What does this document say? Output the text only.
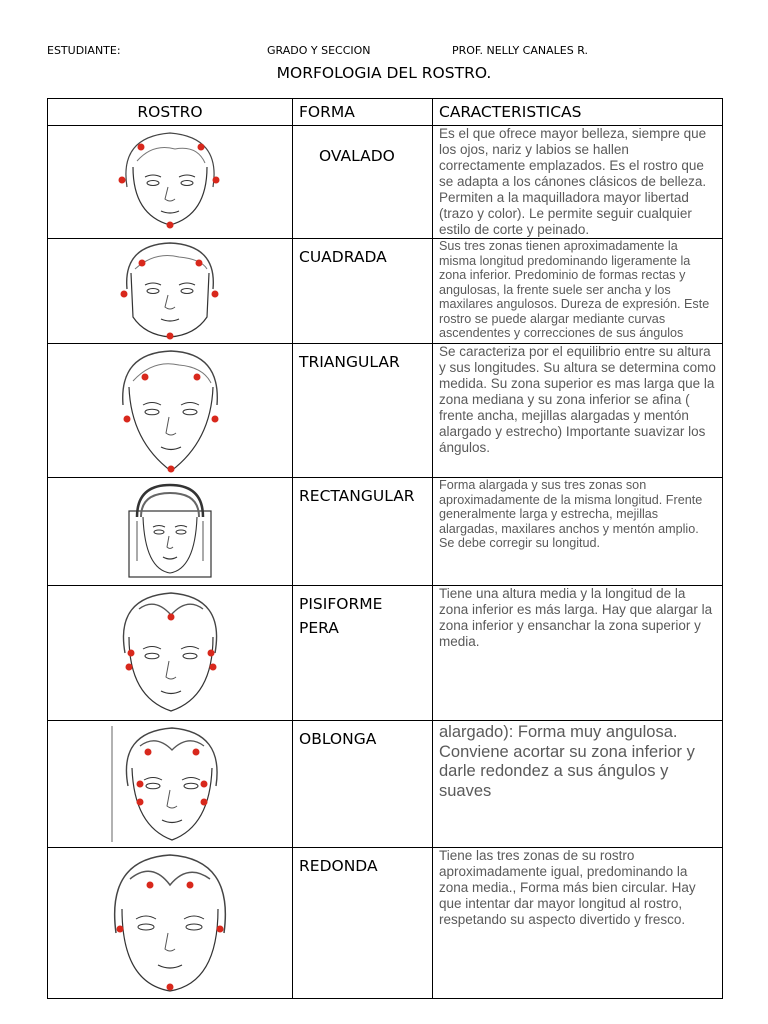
ESTUDIANTE:	GRADO Y SECCION	PROF. NELLY CANALES R.
MORFOLOGIA DEL ROSTRO.
ROSTRO	FORMA	CARACTERISTICAS

OVALADO	Es el que ofrece mayor belleza, siempre que los ojos, nariz y labios se hallen correctamente emplazados. Es el rostro que se adapta a los cánones clásicos de belleza. Permiten a la maquilladora mayor libertad (trazo y color). Le permite seguir cualquier estilo de corte y peinado.

CUADRADA	Sus tres zonas tienen aproximadamente la misma longitud predominando ligeramente la zona inferior. Predominio de formas rectas y angulosas, la frente suele ser ancha y los maxilares angulosos. Dureza de expresión. Este rostro se puede alargar mediante curvas ascendentes y correcciones de sus ángulos

TRIANGULAR	Se caracteriza por el equilibrio entre su altura y sus longitudes. Su altura se determina como medida. Su zona superior es mas larga que la zona mediana y su zona inferior se afina ( frente ancha, mejillas alargadas y mentón alargado y estrecho) Importante suavizar los ángulos.

RECTANGULAR	Forma alargada y sus tres zonas son aproximadamente de la misma longitud. Frente generalmente larga y estrecha, mejillas alargadas, maxilares anchos y mentón amplio. Se debe corregir su longitud.

PISIFORME PERA	Tiene una altura media y la longitud de la zona inferior es más larga. Hay que alargar la zona inferior y ensanchar la zona superior y media.

OBLONGA	alargado): Forma muy angulosa. Conviene acortar su zona inferior y darle redondez a sus ángulos y suaves

REDONDA	Tiene las tres zonas de su rostro aproximadamente igual, predominando la zona media., Forma más bien circular. Hay que intentar dar mayor longitud al rostro, respetando su aspecto divertido y fresco.
